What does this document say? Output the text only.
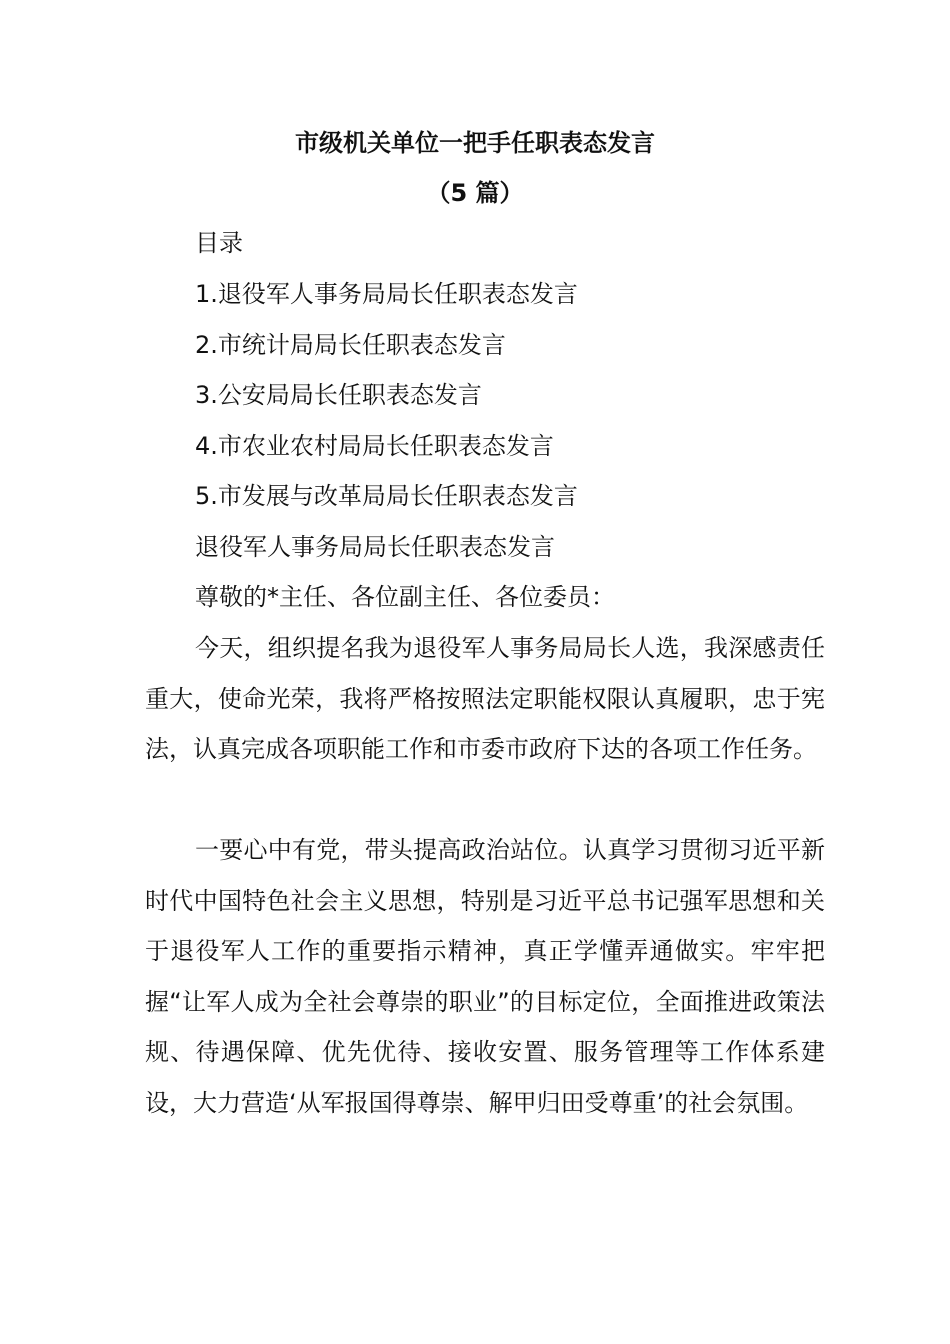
市级机关单位一把手任职表态发言
（5 篇）
目录
1.退役军人事务局局长任职表态发言
2.市统计局局长任职表态发言
3.公安局局长任职表态发言
4.市农业农村局局长任职表态发言
5.市发展与改革局局长任职表态发言
退役军人事务局局长任职表态发言
尊敬的*主任、各位副主任、各位委员：

今天，组织提名我为退役军人事务局局长人选，我深感责任重大，使命光荣，我将严格按照法定职能权限认真履职，忠于宪法，认真完成各项职能工作和市委市政府下达的各项工作任务。

一要心中有党，带头提高政治站位。认真学习贯彻习近平新时代中国特色社会主义思想，特别是习近平总书记强军思想和关于退役军人工作的重要指示精神，真正学懂弄通做实。牢牢把握“让军人成为全社会尊崇的职业”的目标定位，全面推进政策法规、待遇保障、优先优待、接收安置、服务管理等工作体系建设，大力营造‘从军报国得尊崇、解甲归田受尊重’的社会氛围。
